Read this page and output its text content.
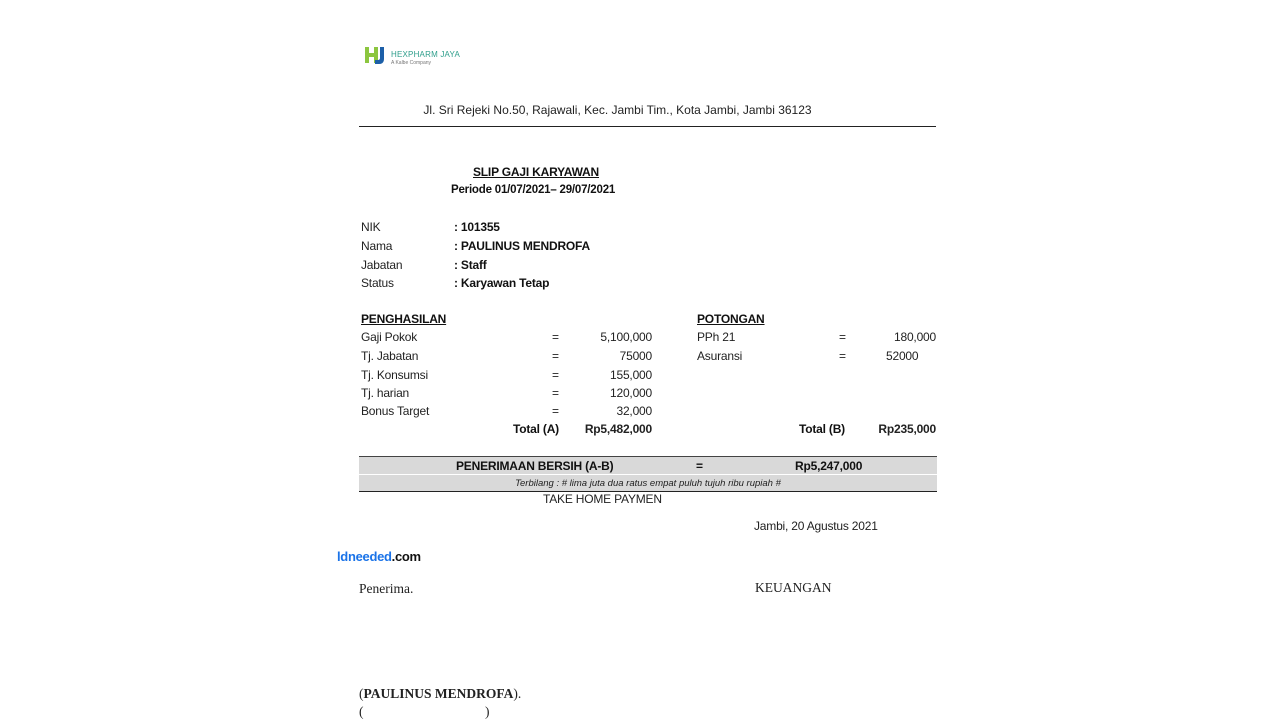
HEXPHARM JAYA
A Kalbe Company
Jl. Sri Rejeki No.50, Rajawali, Kec. Jambi Tim., Kota Jambi, Jambi 36123
SLIP GAJI KARYAWAN
Periode 01/07/2021– 29/07/2021
NIK	: 101355
Nama	: PAULINUS MENDROFA
Jabatan	: Staff
Status	: Karyawan Tetap
PENGHASILAN
Gaji Pokok	=	5,100,000
Tj. Jabatan	=	75000
Tj. Konsumsi	=	155,000
Tj. harian	=	120,000
Bonus Target	=	32,000
Total (A)	Rp5,482,000
POTONGAN
PPh 21	=	180,000
Asuransi	=	52000
Total (B)	Rp235,000
PENERIMAAN BERSIH (A-B)	=	Rp5,247,000
Terbilang : # lima juta dua ratus empat puluh tujuh ribu rupiah #
TAKE HOME PAYMEN
Jambi, 20 Agustus 2021
ldneeded.com
Penerima.	KEUANGAN
(PAULINUS MENDROFA).
(                                    )
